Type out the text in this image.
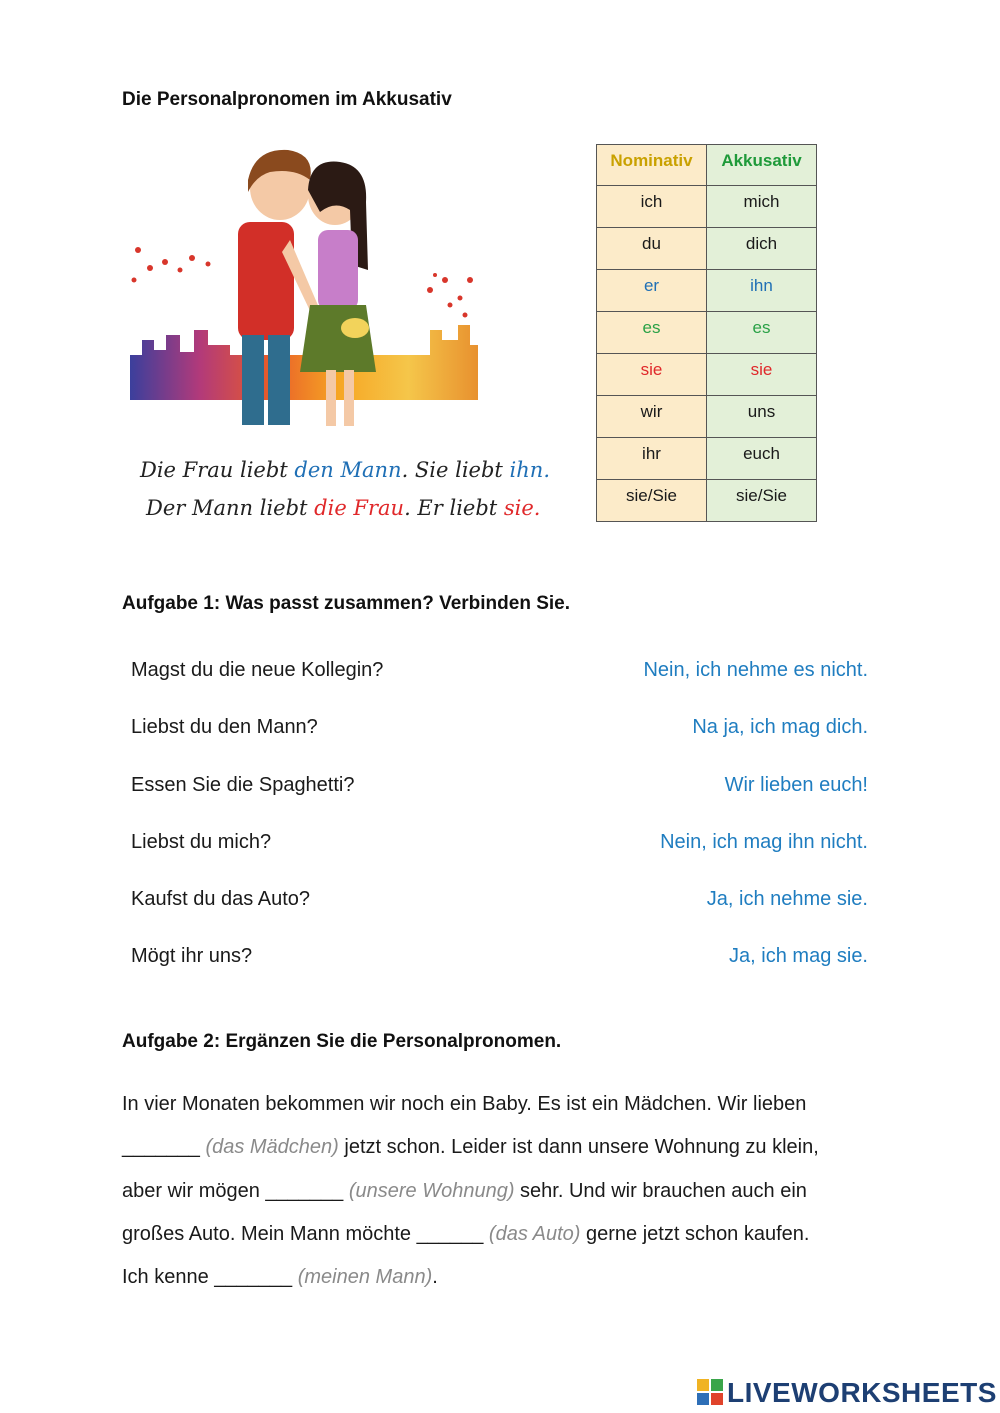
Die Personalpronomen im Akkusativ
Die Frau liebt den Mann. Sie liebt ihn.
Der Mann liebt die Frau. Er liebt sie.
Nominativ	Akkusativ
ich	mich
du	dich
er	ihn
es	es
sie	sie
wir	uns
ihr	euch
sie/Sie	sie/Sie
Aufgabe 1: Was passt zusammen? Verbinden Sie.
Magst du die neue Kollegin?
Liebst du den Mann?
Essen Sie die Spaghetti?
Liebst du mich?
Kaufst du das Auto?
Mögt ihr uns?
Nein, ich nehme es nicht.
Na ja, ich mag dich.
Wir lieben euch!
Nein, ich mag ihn nicht.
Ja, ich nehme sie.
Ja, ich mag sie.
Aufgabe 2: Ergänzen Sie die Personalpronomen.
In vier Monaten bekommen wir noch ein Baby. Es ist ein Mädchen. Wir lieben
_______ (das Mädchen) jetzt schon. Leider ist dann unsere Wohnung zu klein,
aber wir mögen _______ (unsere Wohnung) sehr. Und wir brauchen auch ein
großes Auto. Mein Mann möchte ______ (das Auto) gerne jetzt schon kaufen.
Ich kenne _______ (meinen Mann).
LIVEWORKSHEETS
